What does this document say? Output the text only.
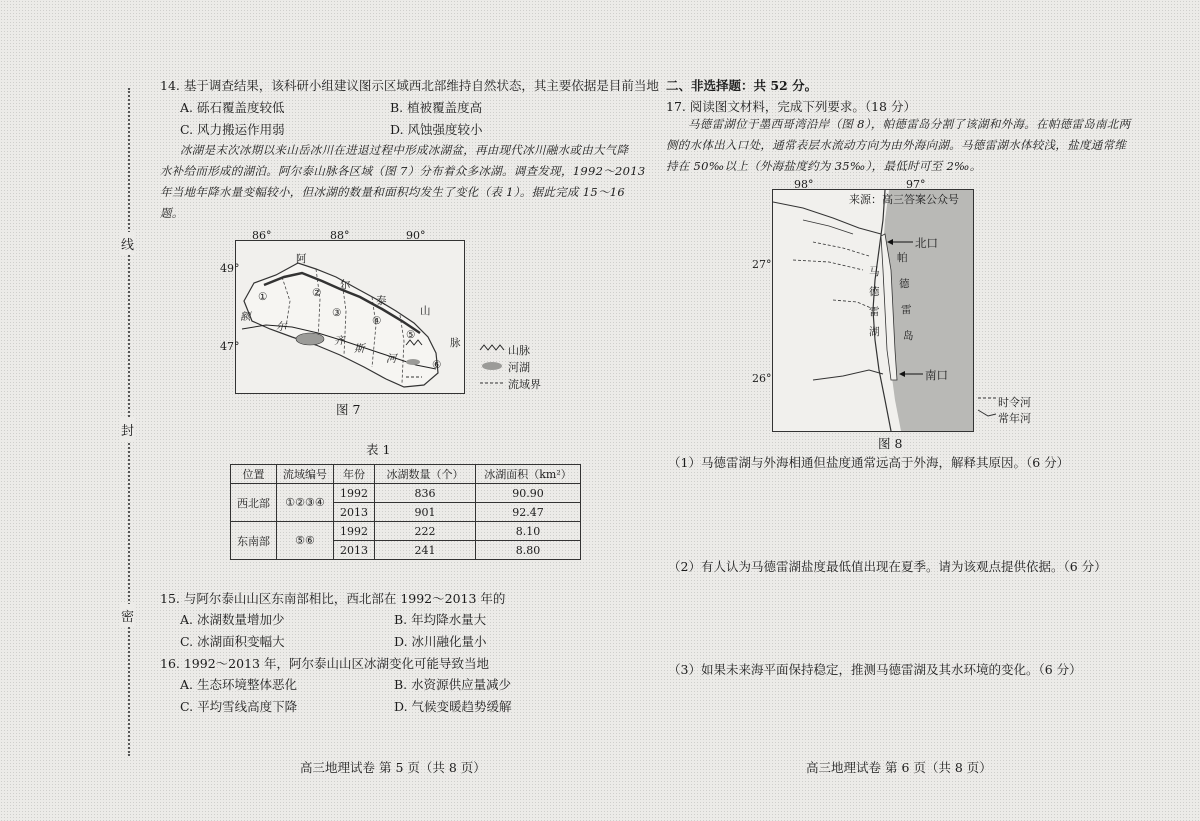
线
封
密
14. 基于调查结果，该科研小组建议图示区域西北部维持自然状态，其主要依据是目前当地
A. 砾石覆盖度较低	B. 植被覆盖度高
C. 风力搬运作用弱	D. 风蚀强度较小
冰湖是末次冰期以来山岳冰川在进退过程中形成冰湖盆，再由现代冰川融水或由大气降
水补给而形成的湖泊。阿尔泰山脉各区域（图 7）分布着众多冰湖。调查发现，1992～2013
年当地年降水量变幅较小，但冰湖的数量和面积均发生了变化（表 1）。据此完成 15～16
题。
①	②
③
④
⑤
⑥
阿
尔
泰
山
脉
额
尔
齐
斯
河
86°	88°	90°
49°
47°	山脉
河湖
流域界
图 7
表 1
位置	流域编号	年份	冰湖数量（个）	冰湖面积（km²）
西北部	①②③④	1992	836	90.90
		2013	901	92.47
东南部	⑤⑥	1992	222	8.10
		2013	241	8.80
15. 与阿尔泰山山区东南部相比，西北部在 1992～2013 年的
A. 冰湖数量增加少	B. 年均降水量大
C. 冰湖面积变幅大	D. 冰川融化量小
16. 1992～2013 年，阿尔泰山山区冰湖变化可能导致当地
A. 生态环境整体恶化	B. 水资源供应量减少
C. 平均雪线高度下降	D. 气候变暖趋势缓解
高三地理试卷 第 5 页（共 8 页）
二、非选择题：共 52 分。
17. 阅读图文材料，完成下列要求。（18 分）
马德雷湖位于墨西哥湾沿岸（图 8），帕德雷岛分割了该湖和外海。在帕德雷岛南北两
侧的水体出入口处，通常表层水流动方向为由外海向湖。马德雷湖水体较浅，盐度通常维
持在 50‰以上（外海盐度约为 35‰），最低时可至 2‰。
来源：高三答案公众号
北口
南口
马
德
雷
湖
帕
德
雷
岛
98°	97°
27°
26°
时令河
常年河
图 8
（1）马德雷湖与外海相通但盐度通常远高于外海，解释其原因。（6 分）
（2）有人认为马德雷湖盐度最低值出现在夏季。请为该观点提供依据。（6 分）
（3）如果未来海平面保持稳定，推测马德雷湖及其水环境的变化。（6 分）
高三地理试卷 第 6 页（共 8 页）
